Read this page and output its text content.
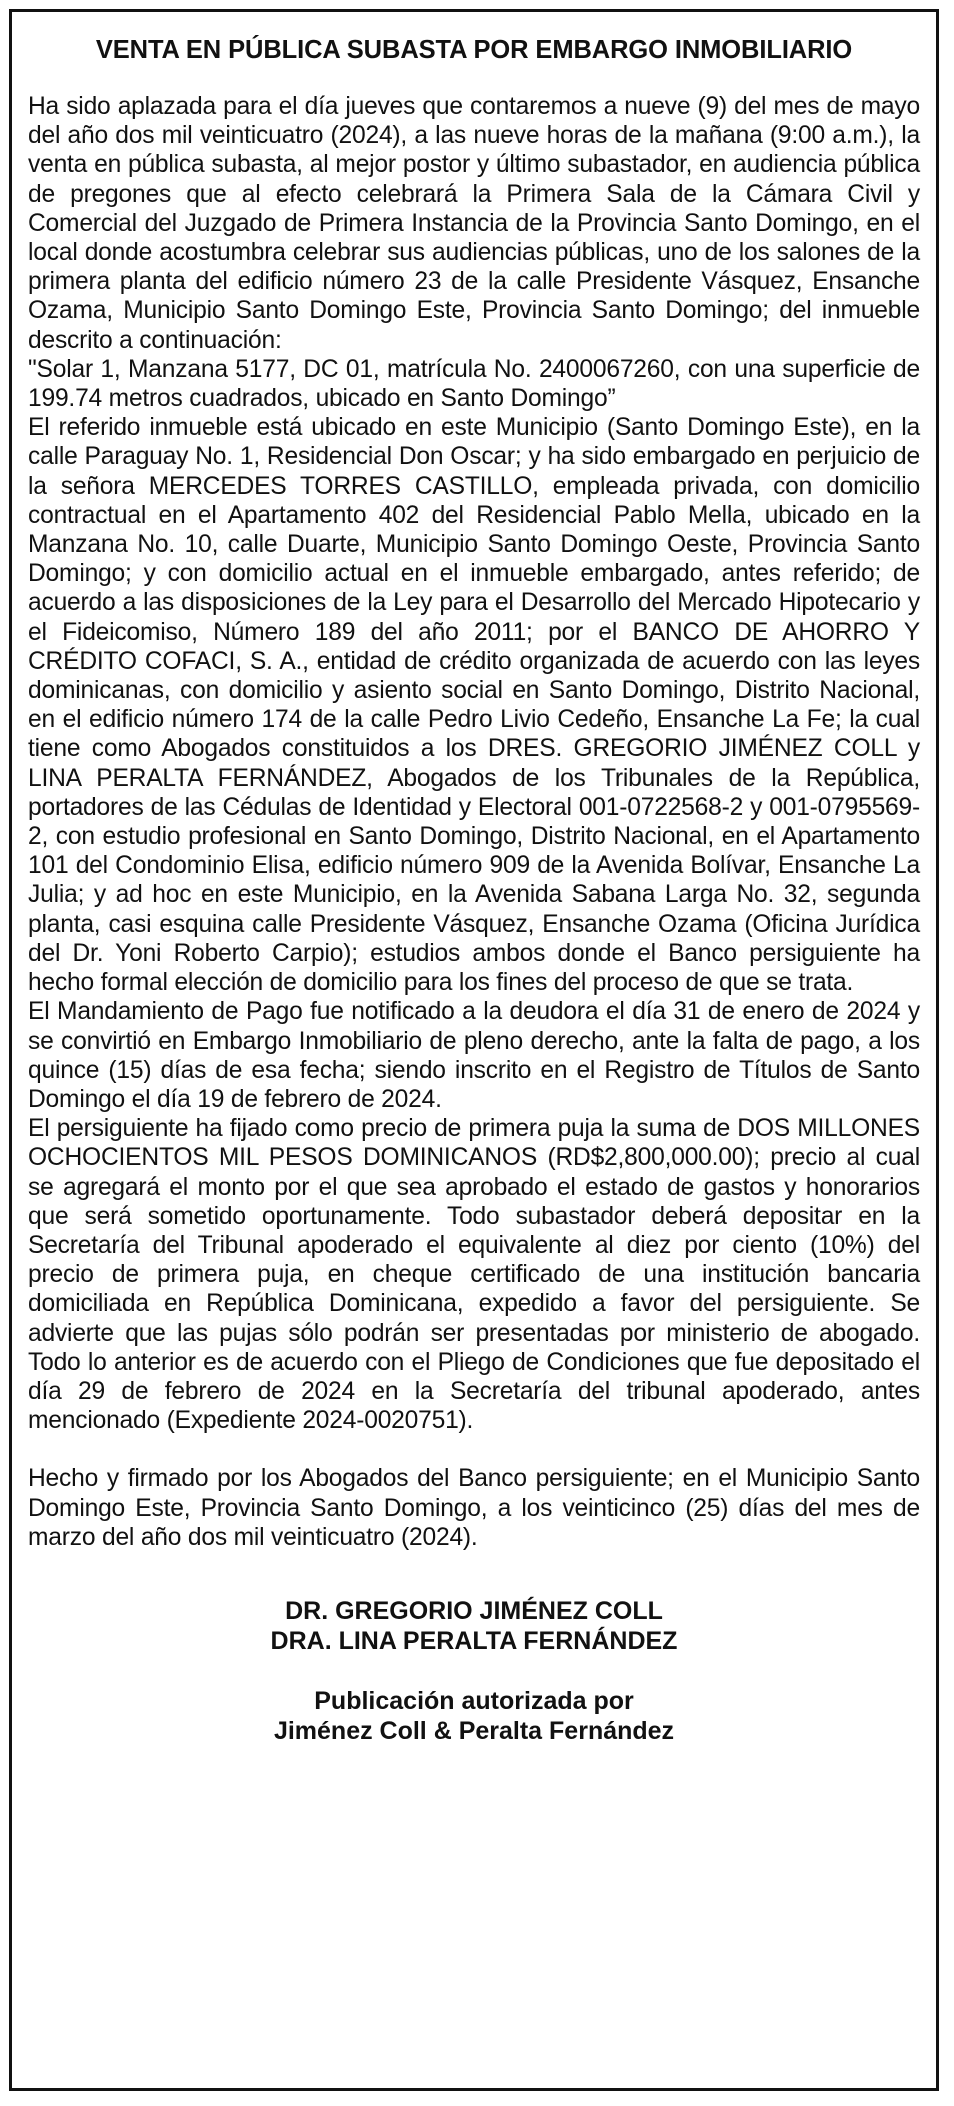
VENTA EN PÚBLICA SUBASTA POR EMBARGO INMOBILIARIO

Ha sido aplazada para el día jueves que contaremos a nueve (9) del mes de mayo del año dos mil veinticuatro (2024), a las nueve horas de la mañana (9:00 a.m.), la venta en pública subasta, al mejor postor y último subastador, en audiencia pública de pregones que al efecto celebrará la Primera Sala de la Cámara Civil y Comercial del Juzgado de Primera Instancia de la Provincia Santo Domingo, en el local donde acostumbra celebrar sus audiencias públicas, uno de los salones de la primera planta del edificio número 23 de la calle Presidente Vásquez, Ensanche Ozama, Municipio Santo Domingo Este, Provincia Santo Domingo; del inmueble descrito a continuación:

"Solar 1, Manzana 5177, DC 01, matrícula No. 2400067260, con una superficie de 199.74 metros cuadrados, ubicado en Santo Domingo”

El referido inmueble está ubicado en este Municipio (Santo Domingo Este), en la calle Paraguay No. 1, Residencial Don Oscar; y ha sido embargado en perjuicio de la señora MERCEDES TORRES CASTILLO, empleada privada, con domicilio contractual en el Apartamento 402 del Residencial Pablo Mella, ubicado en la Manzana No. 10, calle Duarte, Municipio Santo Domingo Oeste, Provincia Santo Domingo; y con domicilio actual en el inmueble embargado, antes referido; de acuerdo a las disposiciones de la Ley para el Desarrollo del Mercado Hipotecario y el Fideicomiso, Número 189 del año 2011; por el BANCO DE AHORRO Y CRÉDITO COFACI, S. A., entidad de crédito organizada de acuerdo con las leyes dominicanas, con domicilio y asiento social en Santo Domingo, Distrito Nacional, en el edificio número 174 de la calle Pedro Livio Cedeño, Ensanche La Fe; la cual tiene como Abogados constituidos a los DRES. GREGORIO JIMÉNEZ COLL y LINA PERALTA FERNÁNDEZ, Abogados de los Tribunales de la República, portadores de las Cédulas de Identidad y Electoral 001-0722568-2 y 001-0795569-2, con estudio profesional en Santo Domingo, Distrito Nacional, en el Apartamento 101 del Condominio Elisa, edificio número 909 de la Avenida Bolívar, Ensanche La Julia; y ad hoc en este Municipio, en la Avenida Sabana Larga No. 32, segunda planta, casi esquina calle Presidente Vásquez, Ensanche Ozama (Oficina Jurídica del Dr. Yoni Roberto Carpio); estudios ambos donde el Banco persiguiente ha hecho formal elección de domicilio para los fines del proceso de que se trata.

El Mandamiento de Pago fue notificado a la deudora el día 31 de enero de 2024 y se convirtió en Embargo Inmobiliario de pleno derecho, ante la falta de pago, a los quince (15) días de esa fecha; siendo inscrito en el Registro de Títulos de Santo Domingo el día 19 de febrero de 2024.

El persiguiente ha fijado como precio de primera puja la suma de DOS MILLONES OCHOCIENTOS MIL PESOS DOMINICANOS (RD$2,800,000.00); precio al cual se agregará el monto por el que sea aprobado el estado de gastos y honorarios que será sometido oportunamente. Todo subastador deberá depositar en la Secretaría del Tribunal apoderado el equivalente al diez por ciento (10%) del precio de primera puja, en cheque certificado de una institución bancaria domiciliada en República Dominicana, expedido a favor del persiguiente. Se advierte que las pujas sólo podrán ser presentadas por ministerio de abogado. Todo lo anterior es de acuerdo con el Pliego de Condiciones que fue depositado el día 29 de febrero de 2024 en la Secretaría del tribunal apoderado, antes mencionado (Expediente 2024-0020751).

Hecho y firmado por los Abogados del Banco persiguiente; en el Municipio Santo Domingo Este, Provincia Santo Domingo, a los veinticinco (25) días del mes de marzo del año dos mil veinticuatro (2024).

DR. GREGORIO JIMÉNEZ COLL
DRA. LINA PERALTA FERNÁNDEZ
Publicación autorizada por
Jiménez Coll & Peralta Fernández
